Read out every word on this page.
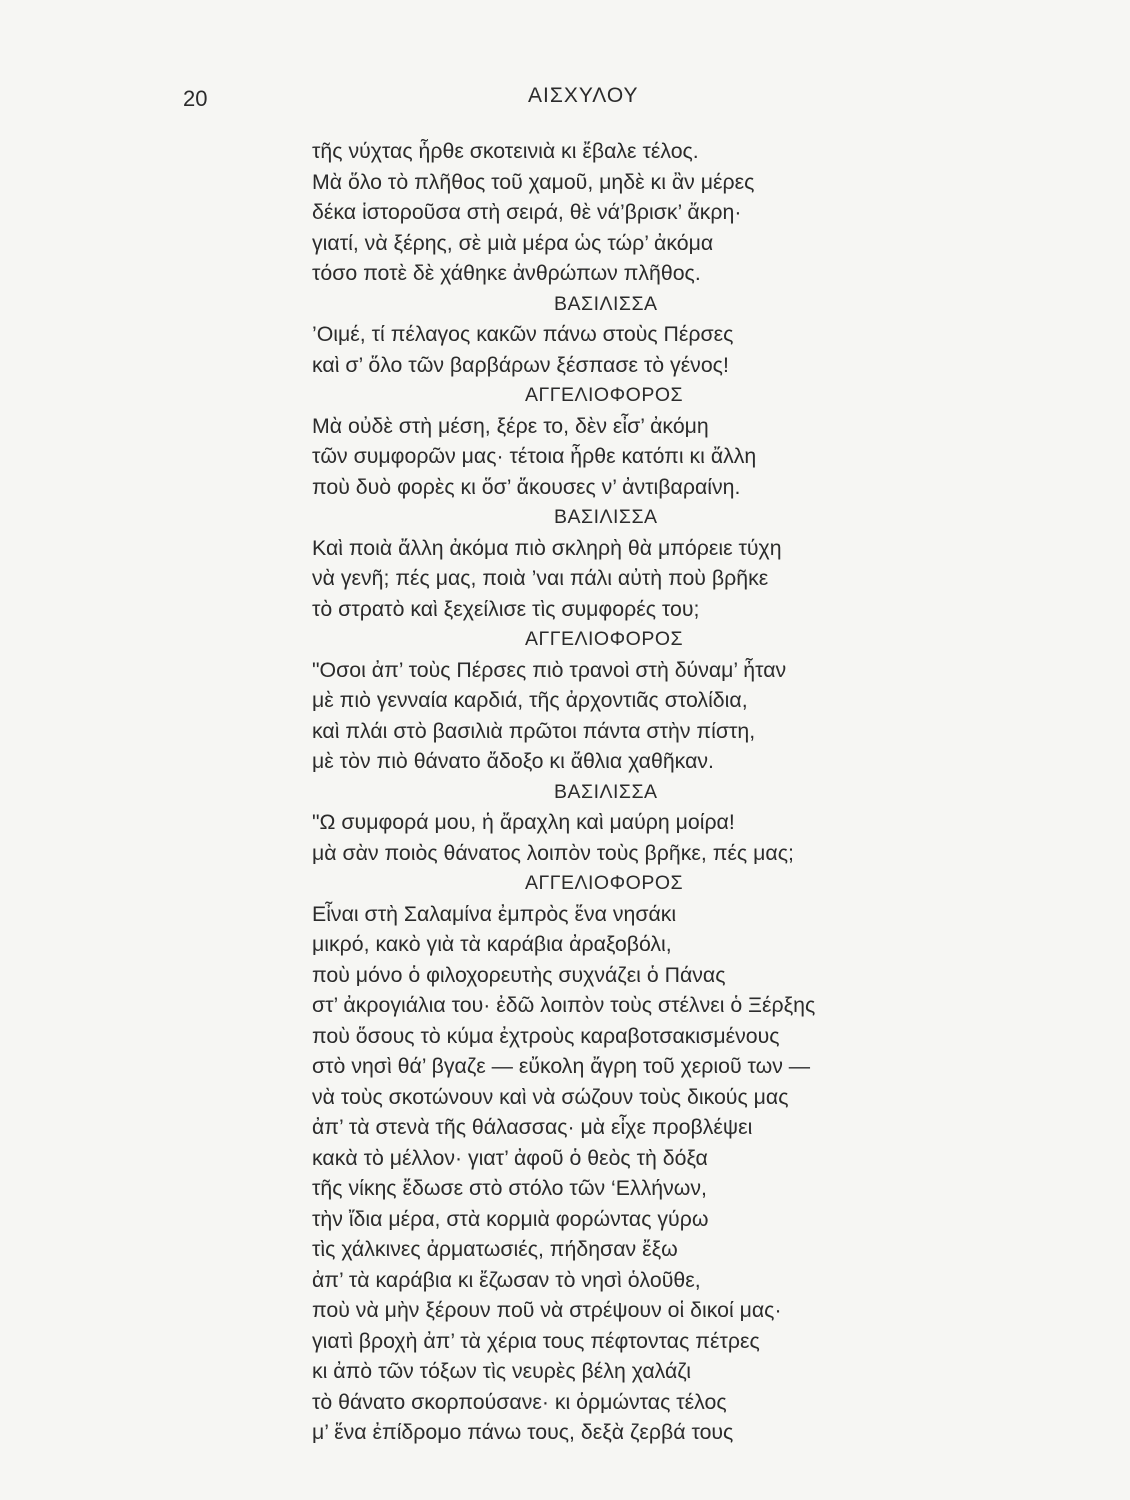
20	ΑΙΣΧΥΛΟΥ
τῆς νύχτας ἦρθε σκοτεινιὰ κι ἔβαλε τέλος.
Μὰ ὅλο τὸ πλῆθος τοῦ χαμοῦ, μηδὲ κι ἂν μέρες
δέκα ἱστοροῦσα στὴ σειρά, θὲ νά’βρισκ’ ἄκρη·
γιατί, νὰ ξέρης, σὲ μιὰ μέρα ὡς τώρ’ ἀκόμα
τόσο ποτὲ δὲ χάθηκε ἀνθρώπων πλῆθος.
ΒΑΣΙΛΙΣΣΑ
’Οιμέ, τί πέλαγος κακῶν πάνω στοὺς Πέρσες
καὶ σ’ ὅλο τῶν βαρβάρων ξέσπασε τὸ γένος!
ΑΓΓΕΛΙΟΦΟΡΟΣ
Μὰ οὐδὲ στὴ μέση, ξέρε το, δὲν εἶσ’ ἀκόμη
τῶν συμφορῶν μας· τέτοια ἦρθε κατόπι κι ἄλλη
ποὺ δυὸ φορὲς κι ὅσ’ ἄκουσες ν’ ἀντιβαραίνη.
ΒΑΣΙΛΙΣΣΑ
Καὶ ποιὰ ἄλλη ἀκόμα πιὸ σκληρὴ θὰ μπόρειε τύχη
νὰ γενῆ; πές μας, ποιὰ ’ναι πάλι αὐτὴ ποὺ βρῆκε
τὸ στρατὸ καὶ ξεχείλισε τὶς συμφορές του;
ΑΓΓΕΛΙΟΦΟΡΟΣ
"Οσοι ἀπ’ τοὺς Πέρσες πιὸ τρανοὶ στὴ δύναμ’ ἦταν
μὲ πιὸ γενναία καρδιά, τῆς ἀρχοντιᾶς στολίδια,
καὶ πλάι στὸ βασιλιὰ πρῶτοι πάντα στὴν πίστη,
μὲ τὸν πιὸ θάνατο ἄδοξο κι ἄθλια χαθῆκαν.
ΒΑΣΙΛΙΣΣΑ
"Ω συμφορά μου, ἡ ἄραχλη καὶ μαύρη μοίρα!
μὰ σὰν ποιὸς θάνατος λοιπὸν τοὺς βρῆκε, πές μας;
ΑΓΓΕΛΙΟΦΟΡΟΣ
Εἶναι στὴ Σαλαμίνα ἐμπρὸς ἕνα νησάκι
μικρό, κακὸ γιὰ τὰ καράβια ἀραξοβόλι,
ποὺ μόνο ὁ φιλοχορευτὴς συχνάζει ὁ Πάνας
στ’ ἀκρογιάλια του· ἐδῶ λοιπὸν τοὺς στέλνει ὁ Ξέρξης
ποὺ ὅσους τὸ κύμα ἐχτροὺς καραβοτσακισμένους
στὸ νησὶ θά’ βγαζε — εὔκολη ἄγρη τοῦ χεριοῦ των —
νὰ τοὺς σκοτώνουν καὶ νὰ σώζουν τοὺς δικούς μας
ἀπ’ τὰ στενὰ τῆς θάλασσας· μὰ εἶχε προβλέψει
κακὰ τὸ μέλλον· γιατ’ ἀφοῦ ὁ θεὸς τὴ δόξα
τῆς νίκης ἔδωσε στὸ στόλο τῶν ‘Ελλήνων,
τὴν ἴδια μέρα, στὰ κορμιὰ φορώντας γύρω
τὶς χάλκινες ἀρματωσιές, πήδησαν ἔξω
ἀπ’ τὰ καράβια κι ἔζωσαν τὸ νησὶ ὁλοῦθε,
ποὺ νὰ μὴν ξέρουν ποῦ νὰ στρέψουν οἱ δικοί μας·
γιατὶ βροχὴ ἀπ’ τὰ χέρια τους πέφτοντας πέτρες
κι ἀπὸ τῶν τόξων τὶς νευρὲς βέλη χαλάζι
τὸ θάνατο σκορπούσανε· κι ὁρμώντας τέλος
μ’ ἕνα ἐπίδρομο πάνω τους, δεξὰ ζερβά τους
